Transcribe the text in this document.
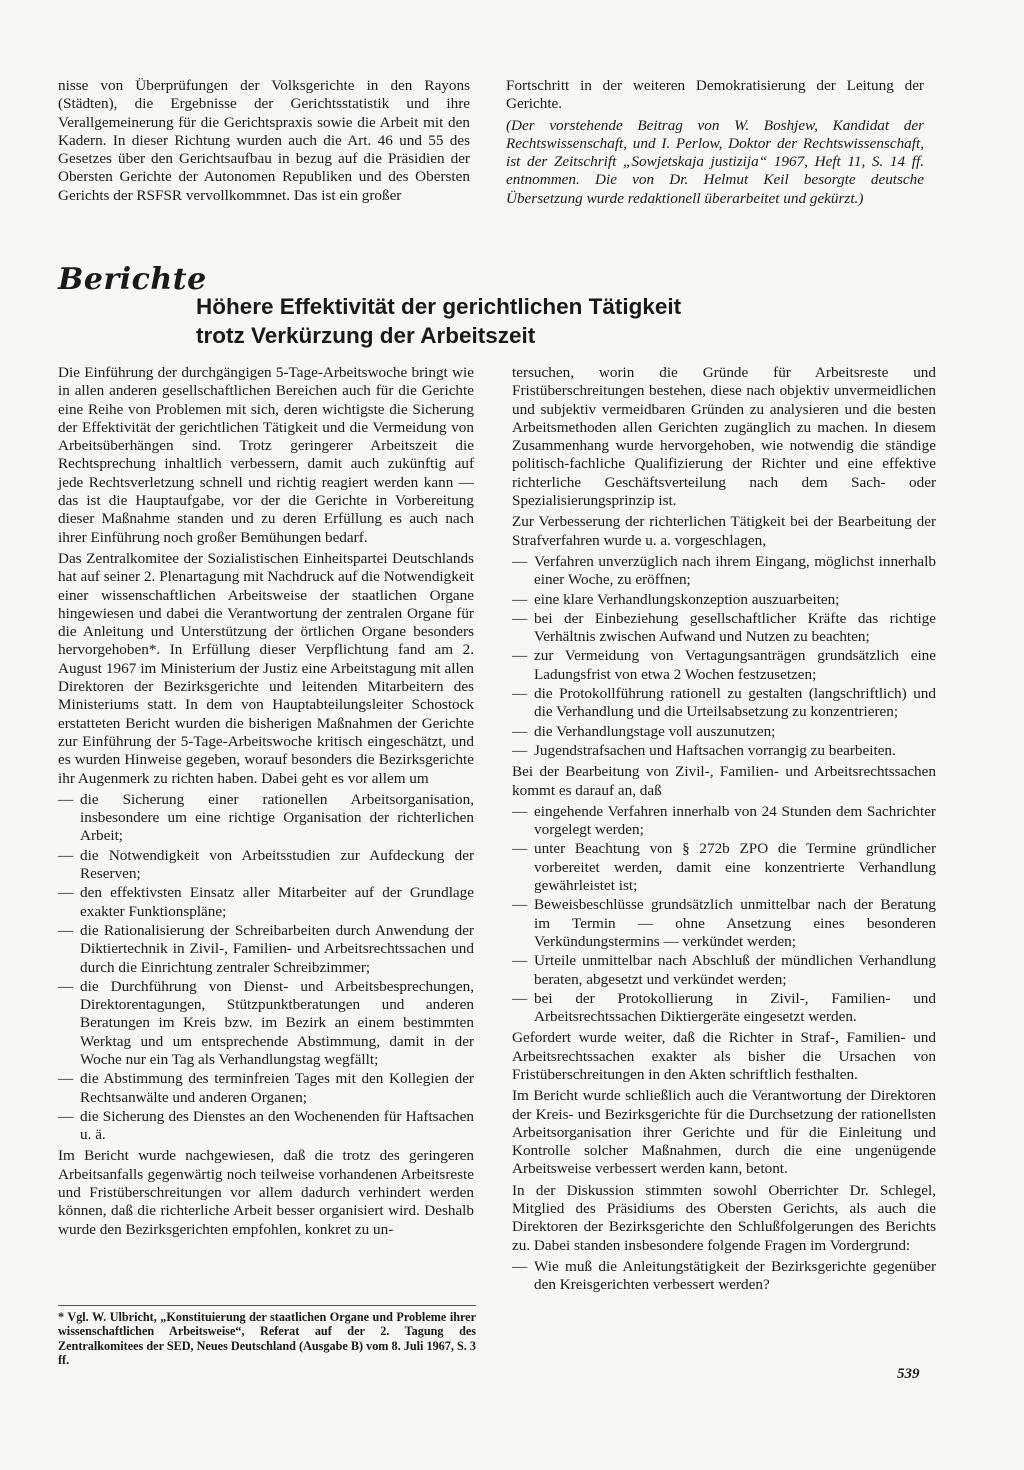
nisse von Überprüfungen der Volksgerichte in den Rayons (Städten), die Ergebnisse der Gerichtsstatistik und ihre Verallgemeinerung für die Gerichtspraxis sowie die Arbeit mit den Kadern. In dieser Richtung wurden auch die Art. 46 und 55 des Gesetzes über den Gerichtsaufbau in bezug auf die Präsidien der Obersten Gerichte der Autonomen Republiken und des Obersten Gerichts der RSFSR vervollkommnet. Das ist ein großer

Fortschritt in der weiteren Demokratisierung der Leitung der Gerichte.

(Der vorstehende Beitrag von W. Boshjew, Kandidat der Rechtswissenschaft, und I. Perlow, Doktor der Rechtswissenschaft, ist der Zeitschrift „Sowjetskaja justizija“ 1967, Heft 11, S. 14 ff. entnommen. Die von Dr. Helmut Keil besorgte deutsche Übersetzung wurde redaktionell überarbeitet und gekürzt.)

Berichte
Höhere Effektivität der gerichtlichen Tätigkeit
trotz Verkürzung der Arbeitszeit

Die Einführung der durchgängigen 5-Tage-Arbeitswoche bringt wie in allen anderen gesellschaftlichen Bereichen auch für die Gerichte eine Reihe von Problemen mit sich, deren wichtigste die Sicherung der Effektivität der gerichtlichen Tätigkeit und die Vermeidung von Arbeitsüberhängen sind. Trotz geringerer Arbeitszeit die Rechtsprechung inhaltlich verbessern, damit auch zukünftig auf jede Rechtsverletzung schnell und richtig reagiert werden kann — das ist die Hauptaufgabe, vor der die Gerichte in Vorbereitung dieser Maßnahme standen und zu deren Erfüllung es auch nach ihrer Einführung noch großer Bemühungen bedarf.

Das Zentralkomitee der Sozialistischen Einheitspartei Deutschlands hat auf seiner 2. Plenartagung mit Nachdruck auf die Notwendigkeit einer wissenschaftlichen Arbeitsweise der staatlichen Organe hingewiesen und dabei die Verantwortung der zentralen Organe für die Anleitung und Unterstützung der örtlichen Organe besonders hervorgehoben*. In Erfüllung dieser Verpflichtung fand am 2. August 1967 im Ministerium der Justiz eine Arbeitstagung mit allen Direktoren der Bezirksgerichte und leitenden Mitarbeitern des Ministeriums statt. In dem von Hauptabteilungsleiter Schostock erstatteten Bericht wurden die bisherigen Maßnahmen der Gerichte zur Einführung der 5-Tage-Arbeitswoche kritisch eingeschätzt, und es wurden Hinweise gegeben, worauf besonders die Bezirksgerichte ihr Augenmerk zu richten haben. Dabei geht es vor allem um

— die Sicherung einer rationellen Arbeitsorganisation, insbesondere um eine richtige Organisation der richterlichen Arbeit;
— die Notwendigkeit von Arbeitsstudien zur Aufdeckung der Reserven;
— den effektivsten Einsatz aller Mitarbeiter auf der Grundlage exakter Funktionspläne;
— die Rationalisierung der Schreibarbeiten durch Anwendung der Diktiertechnik in Zivil-, Familien- und Arbeitsrechtssachen und durch die Einrichtung zentraler Schreibzimmer;
— die Durchführung von Dienst- und Arbeitsbesprechungen, Direktorentagungen, Stützpunktberatungen und anderen Beratungen im Kreis bzw. im Bezirk an einem bestimmten Werktag und um entsprechende Abstimmung, damit in der Woche nur ein Tag als Verhandlungstag wegfällt;
— die Abstimmung des terminfreien Tages mit den Kollegien der Rechtsanwälte und anderen Organen;
— die Sicherung des Dienstes an den Wochenenden für Haftsachen u. ä.

Im Bericht wurde nachgewiesen, daß die trotz des geringeren Arbeitsanfalls gegenwärtig noch teilweise vorhandenen Arbeitsreste und Fristüberschreitungen vor allem dadurch verhindert werden können, daß die richterliche Arbeit besser organisiert wird. Deshalb wurde den Bezirksgerichten empfohlen, konkret zu un-

* Vgl. W. Ulbricht, „Konstituierung der staatlichen Organe und Probleme ihrer wissenschaftlichen Arbeitsweise“, Referat auf der 2. Tagung des Zentralkomitees der SED, Neues Deutschland (Ausgabe B) vom 8. Juli 1967, S. 3 ff.

tersuchen, worin die Gründe für Arbeitsreste und Fristüberschreitungen bestehen, diese nach objektiv unvermeidlichen und subjektiv vermeidbaren Gründen zu analysieren und die besten Arbeitsmethoden allen Gerichten zugänglich zu machen. In diesem Zusammenhang wurde hervorgehoben, wie notwendig die ständige politisch-fachliche Qualifizierung der Richter und eine effektive richterliche Geschäftsverteilung nach dem Sach- oder Spezialisierungsprinzip ist.

Zur Verbesserung der richterlichen Tätigkeit bei der Bearbeitung der Strafverfahren wurde u. a. vorgeschlagen,

— Verfahren unverzüglich nach ihrem Eingang, möglichst innerhalb einer Woche, zu eröffnen;
— eine klare Verhandlungskonzeption auszuarbeiten;
— bei der Einbeziehung gesellschaftlicher Kräfte das richtige Verhältnis zwischen Aufwand und Nutzen zu beachten;
— zur Vermeidung von Vertagungsanträgen grundsätzlich eine Ladungsfrist von etwa 2 Wochen festzusetzen;
— die Protokollführung rationell zu gestalten (langschriftlich) und die Verhandlung und die Urteilsabsetzung zu konzentrieren;
— die Verhandlungstage voll auszunutzen;
— Jugendstrafsachen und Haftsachen vorrangig zu bearbeiten.

Bei der Bearbeitung von Zivil-, Familien- und Arbeitsrechtssachen kommt es darauf an, daß

— eingehende Verfahren innerhalb von 24 Stunden dem Sachrichter vorgelegt werden;
— unter Beachtung von § 272b ZPO die Termine gründlicher vorbereitet werden, damit eine konzentrierte Verhandlung gewährleistet ist;
— Beweisbeschlüsse grundsätzlich unmittelbar nach der Beratung im Termin — ohne Ansetzung eines besonderen Verkündungstermins — verkündet werden;
— Urteile unmittelbar nach Abschluß der mündlichen Verhandlung beraten, abgesetzt und verkündet werden;
— bei der Protokollierung in Zivil-, Familien- und Arbeitsrechtssachen Diktiergeräte eingesetzt werden.

Gefordert wurde weiter, daß die Richter in Straf-, Familien- und Arbeitsrechtssachen exakter als bisher die Ursachen von Fristüberschreitungen in den Akten schriftlich festhalten.

Im Bericht wurde schließlich auch die Verantwortung der Direktoren der Kreis- und Bezirksgerichte für die Durchsetzung der rationellsten Arbeitsorganisation ihrer Gerichte und für die Einleitung und Kontrolle solcher Maßnahmen, durch die eine ungenügende Arbeitsweise verbessert werden kann, betont.

In der Diskussion stimmten sowohl Oberrichter Dr. Schlegel, Mitglied des Präsidiums des Obersten Gerichts, als auch die Direktoren der Bezirksgerichte den Schlußfolgerungen des Berichts zu. Dabei standen insbesondere folgende Fragen im Vordergrund:

— Wie muß die Anleitungstätigkeit der Bezirksgerichte gegenüber den Kreisgerichten verbessert werden?
539
